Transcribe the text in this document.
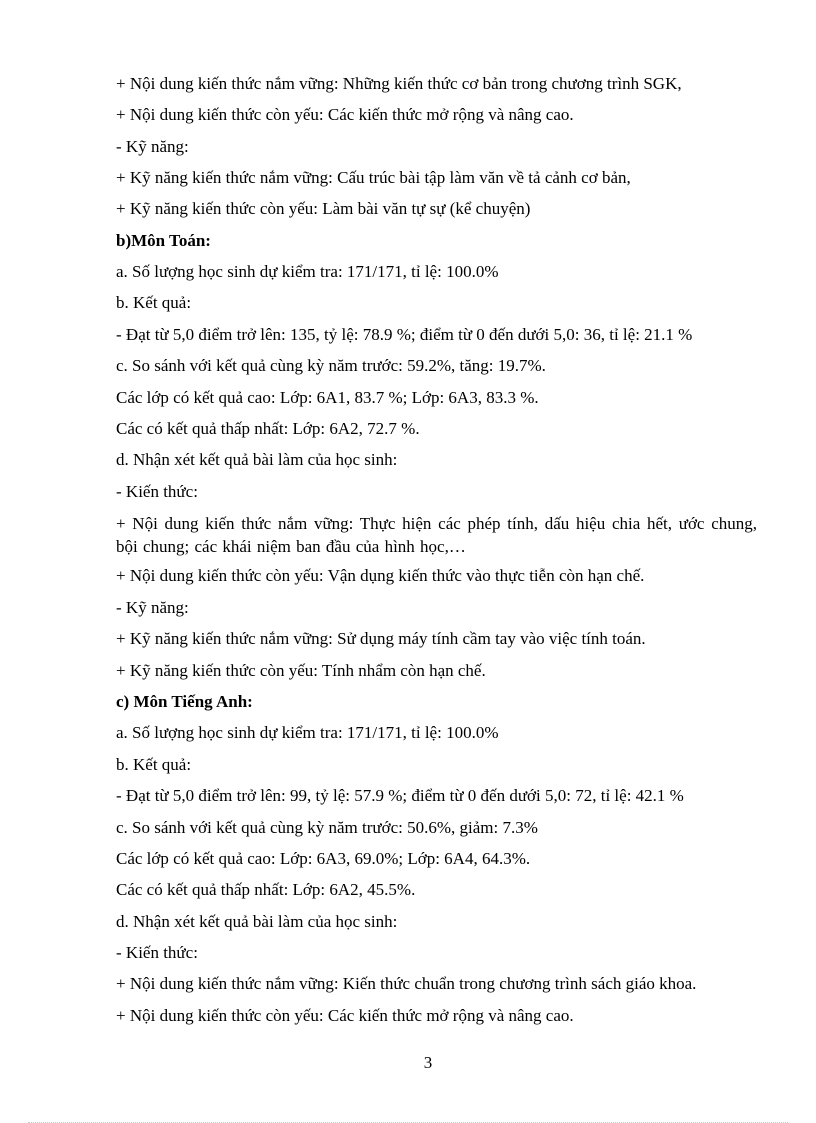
+ Nội dung kiến thức nắm vững: Những kiến thức cơ bản trong chương trình SGK,
+ Nội dung kiến thức còn yếu: Các kiến thức mở rộng và nâng cao.
- Kỹ năng:
+ Kỹ năng kiến thức nắm vững: Cấu trúc bài tập làm văn về tả cảnh cơ bản,
+ Kỹ năng kiến thức còn yếu: Làm bài văn tự sự (kể chuyện)
b)Môn Toán:
a. Số lượng học sinh dự kiểm tra: 171/171, tỉ lệ: 100.0%
b. Kết quả:
- Đạt từ 5,0 điểm trở lên: 135, tỷ lệ: 78.9 %; điểm từ 0 đến dưới 5,0: 36, tỉ lệ: 21.1 %
c. So sánh với kết quả cùng kỳ năm trước: 59.2%, tăng: 19.7%.
Các lớp có kết quả cao: Lớp: 6A1, 83.7 %; Lớp: 6A3, 83.3 %.
Các có kết quả thấp nhất: Lớp: 6A2, 72.7 %.
d. Nhận xét kết quả bài làm của học sinh:
- Kiến thức:
+ Nội dung kiến thức nắm vững: Thực hiện các phép tính, dấu hiệu chia hết, ước chung, bội chung; các khái niệm ban đầu của hình học,…
+ Nội dung kiến thức còn yếu: Vận dụng kiến thức vào thực tiễn còn hạn chế.
- Kỹ năng:
+ Kỹ năng kiến thức nắm vững: Sử dụng máy tính cầm tay vào việc tính toán.
+ Kỹ năng kiến thức còn yếu: Tính nhẩm còn hạn chế.
c) Môn Tiếng Anh:
a. Số lượng học sinh dự kiểm tra: 171/171, tỉ lệ: 100.0%
b. Kết quả:
- Đạt từ 5,0 điểm trở lên: 99, tỷ lệ: 57.9 %; điểm từ 0 đến dưới 5,0: 72, tỉ lệ: 42.1 %
c. So sánh với kết quả cùng kỳ năm trước: 50.6%, giảm: 7.3%
Các lớp có kết quả cao: Lớp: 6A3, 69.0%; Lớp: 6A4, 64.3%.
Các có kết quả thấp nhất: Lớp: 6A2, 45.5%.
d. Nhận xét kết quả bài làm của học sinh:
- Kiến thức:
+ Nội dung kiến thức nắm vững: Kiến thức chuẩn trong chương trình sách giáo khoa.
+ Nội dung kiến thức còn yếu: Các kiến thức mở rộng và nâng cao.
3
